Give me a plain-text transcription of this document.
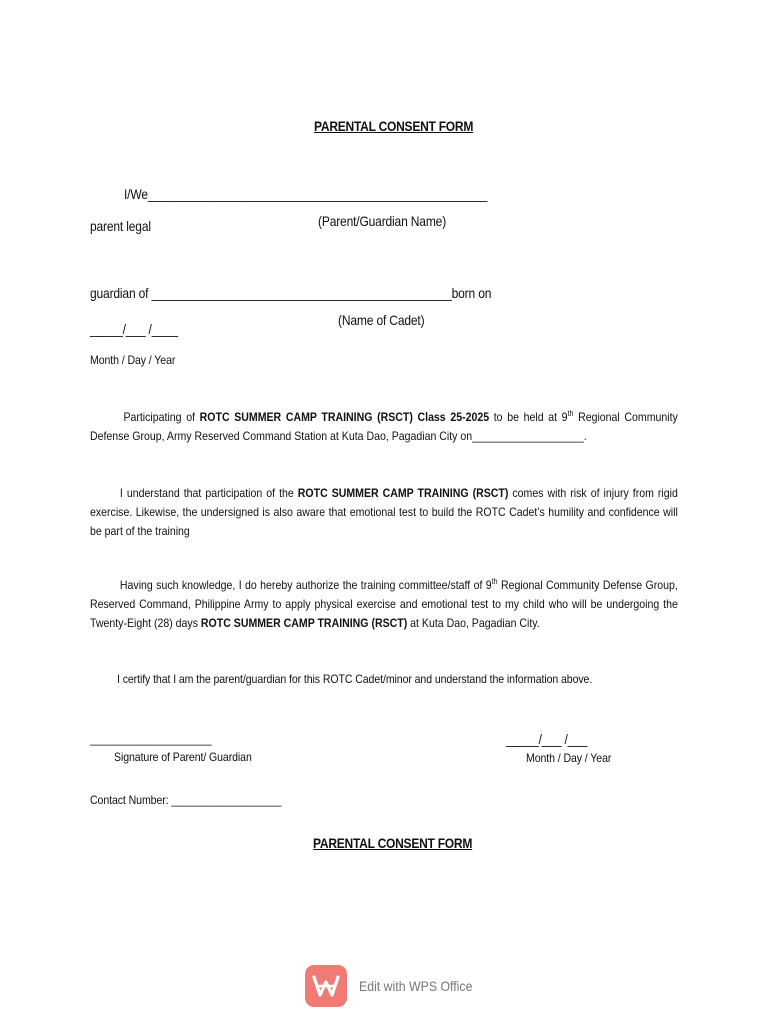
PARENTAL CONSENT FORM
I/We____________________________________________________
parent legal	(Parent/Guardian Name)
guardian of ______________________________________________born on
(Name of Cadet)
_____/___ /____
Month / Day / Year
Participating of ROTC SUMMER CAMP TRAINING (RSCT) Class 25-2025 to be held at 9th Regional Community Defense Group, Army Reserved Command Station at Kuta Dao, Pagadian City on___________________.
I understand that participation of the ROTC SUMMER CAMP TRAINING (RSCT) comes with risk of injury from rigid exercise. Likewise, the undersigned is also aware that emotional test to build the ROTC Cadet’s humility and confidence will be part of the training
Having such knowledge, I do hereby authorize the training committee/staff of 9th Regional Community Defense Group, Reserved Command, Philippine Army to apply physical exercise and emotional test to my child who will be undergoing the Twenty-Eight (28) days ROTC SUMMER CAMP TRAINING (RSCT) at Kuta Dao, Pagadian City.
I certify that I am the parent/guardian for this ROTC Cadet/minor and understand the information above.
_____________________
Signature of Parent/ Guardian
_____/___ /___
Month / Day / Year
Contact Number: ___________________
PARENTAL CONSENT FORM
Edit with WPS Office
